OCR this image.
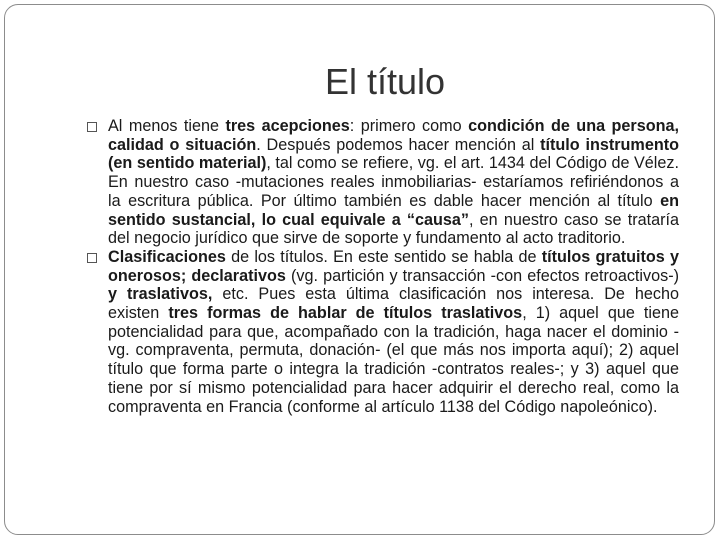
El título
Al menos tiene tres acepciones: primero como condición de una persona, calidad o situación. Después podemos hacer mención al título instrumento (en sentido material), tal como se refiere, vg. el art. 1434 del Código de Vélez. En nuestro caso -mutaciones reales inmobiliarias- estaríamos refiriéndonos a la escritura pública. Por último también es dable hacer mención al título en sentido sustancial, lo cual equivale a “causa”, en nuestro caso se trataría del negocio jurídico que sirve de soporte y fundamento al acto traditorio.
Clasificaciones de los títulos. En este sentido se habla de títulos gratuitos y onerosos; declarativos (vg. partición y transacción -con efectos retroactivos-) y traslativos, etc. Pues esta última clasificación nos interesa. De hecho existen tres formas de hablar de títulos traslativos, 1) aquel que tiene potencialidad para que, acompañado con la tradición, haga nacer el dominio -vg. compraventa, permuta, donación- (el que más nos importa aquí); 2) aquel título que forma parte o integra la tradición -contratos reales-; y 3) aquel que tiene por sí mismo potencialidad para hacer adquirir el derecho real, como la compraventa en Francia (conforme al artículo 1138 del Código napoleónico).
